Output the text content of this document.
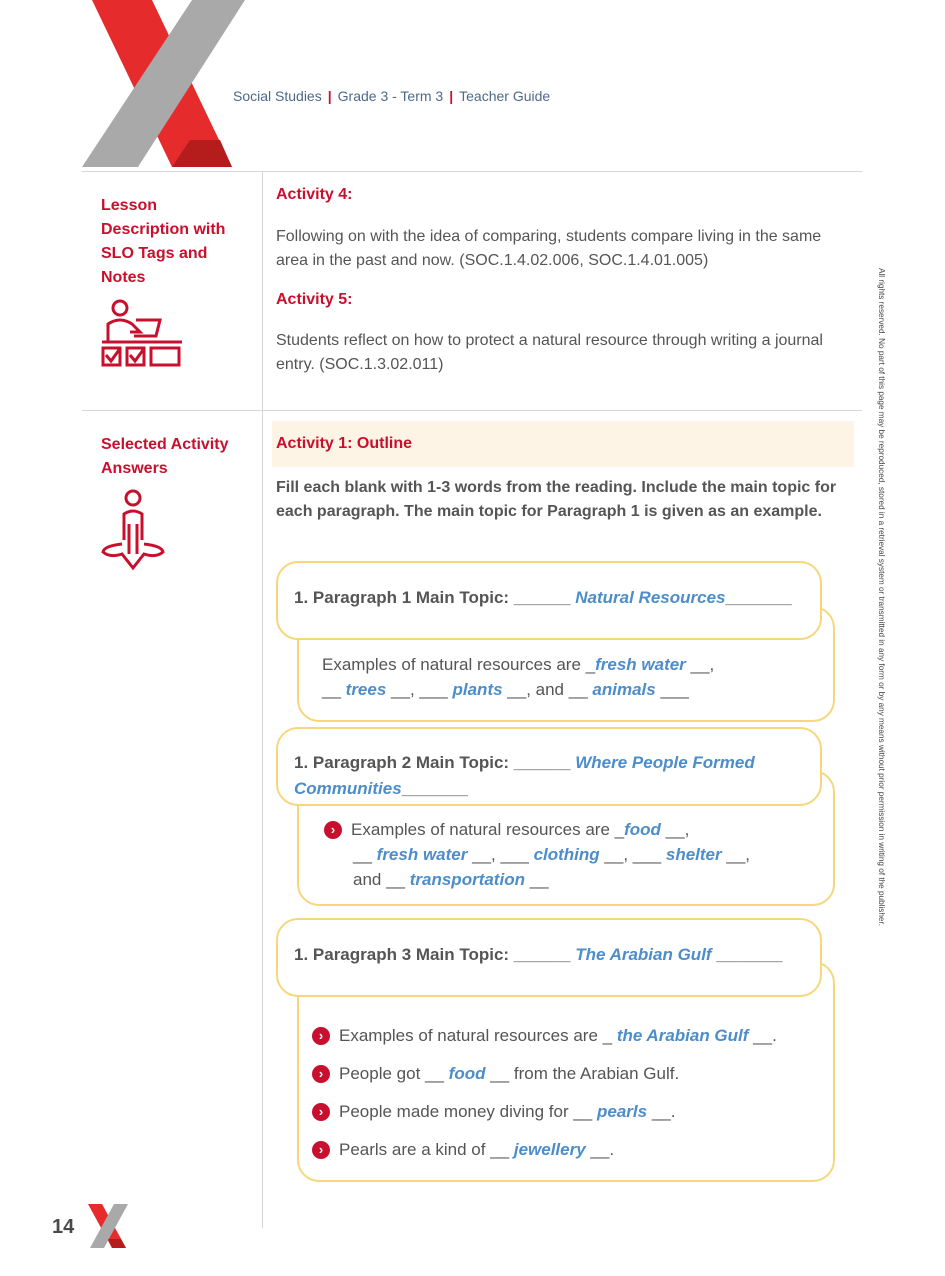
Social Studies | Grade 3 - Term 3 | Teacher Guide
Lesson
Description with
SLO Tags and
Notes
Activity 4:
Following on with the idea of comparing, students compare living in the same area in the past and now. (SOC.1.4.02.006, SOC.1.4.01.005)
Activity 5:
Students reflect on how to protect a natural resource through writing a journal entry. (SOC.1.3.02.011)
Selected Activity
Answers
Activity 1: Outline
Fill each blank with 1-3 words from the reading. Include the main topic for each paragraph. The main topic for Paragraph 1 is given as an example.
Examples of natural resources are _fresh water __,
__ trees __, ___ plants __, and __ animals ___
1. Paragraph 1 Main Topic: ______ Natural Resources_______
› Examples of natural resources are _food __,
__ fresh water __, ___ clothing __, ___ shelter __,
and __ transportation __
1. Paragraph 2 Main Topic: ______ Where People Formed
Communities_______
› Examples of natural resources are _ the Arabian Gulf __.
› People got __ food __ from the Arabian Gulf.
› People made money diving for __ pearls __.
› Pearls are a kind of __ jewellery __.
1. Paragraph 3 Main Topic: ______ The Arabian Gulf _______
All rights reserved. No part of this page may be reproduced, stored in a retrieval system or transmitted in any form or by any means without prior permission in writing of the publisher.
14
